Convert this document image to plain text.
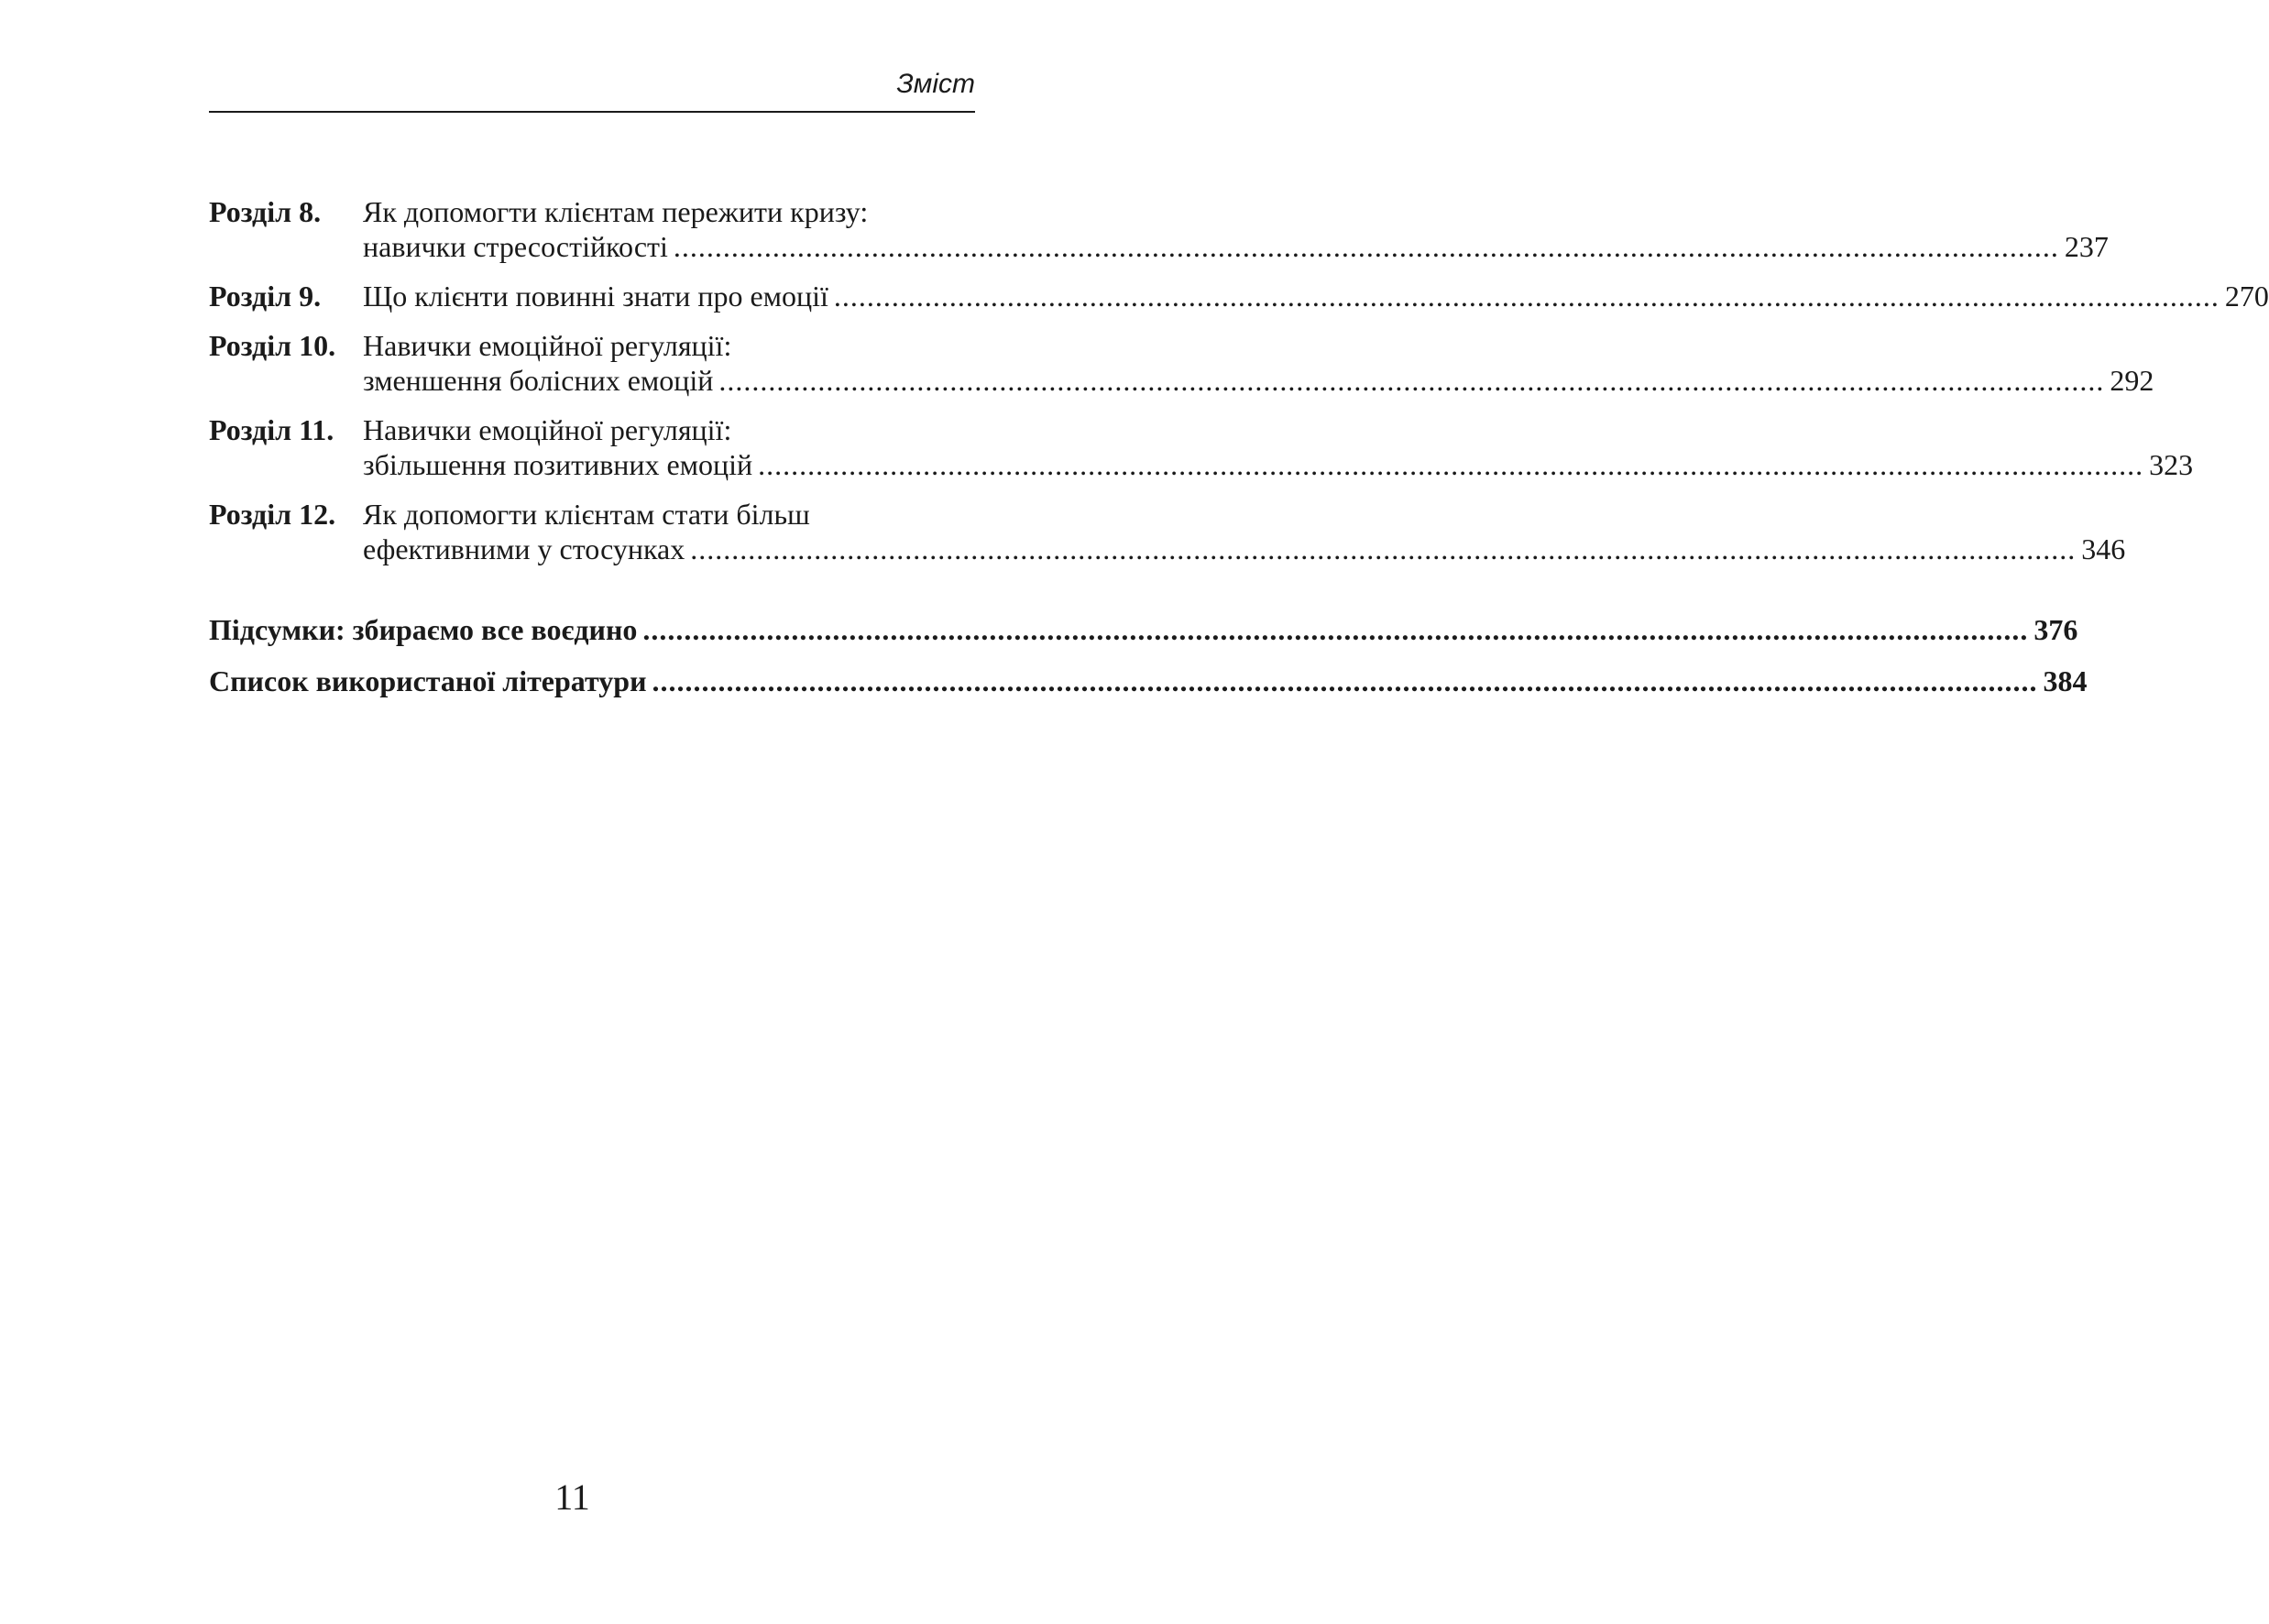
Зміст
Розділ 8.	Як допомогти клієнтам пережити кризу:
навички стресостійкості .....	237
Розділ 9.	Що клієнти повинні знати про емоції .....	270
Розділ 10. Навички емоційної регуляції:
зменшення болісних емоцій .....	292
Розділ 11. Навички емоційної регуляції:
збільшення позитивних емоцій .....	323
Розділ 12. Як допомогти клієнтам стати більш
ефективними у стосунках .....	346
Підсумки: збираємо все воєдино .....	376
Список використаної літератури .....	384
11
